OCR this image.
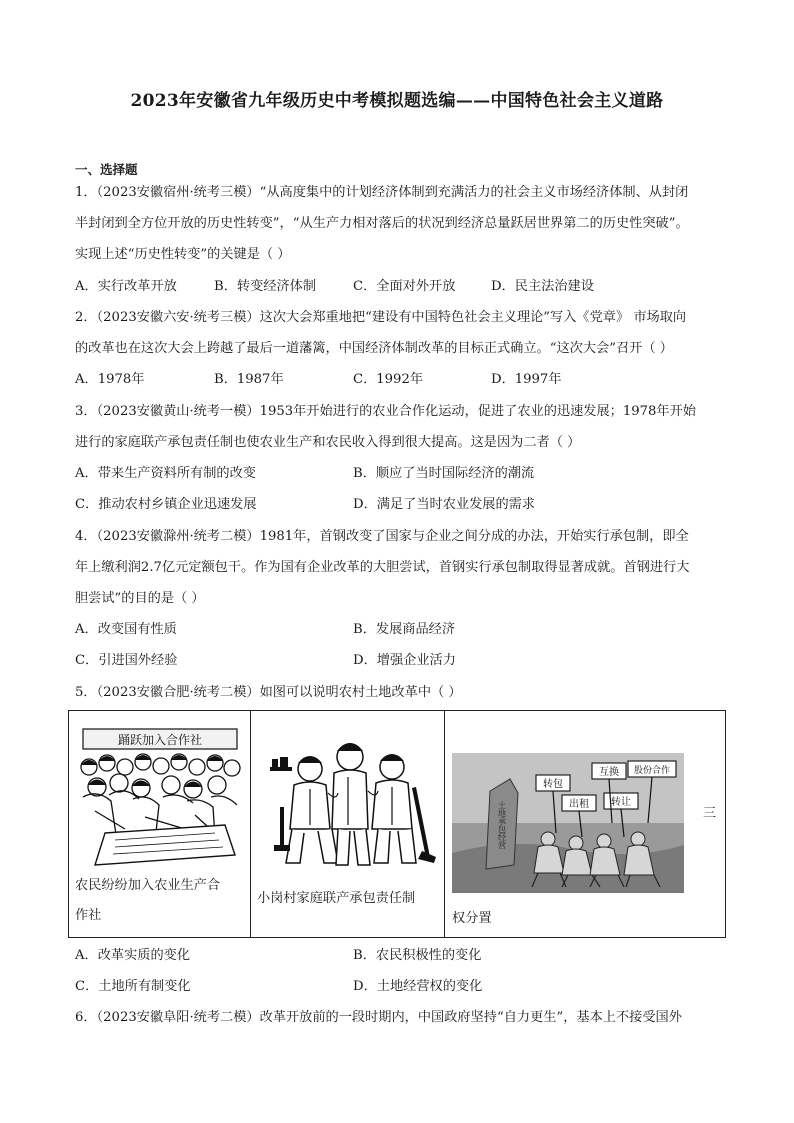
2023年安徽省九年级历史中考模拟题选编——中国特色社会主义道路
一、选择题
1．（2023安徽宿州·统考三模）“从高度集中的计划经济体制到充满活力的社会主义市场经济体制、从封闭
半封闭到全方位开放的历史性转变”，“从生产力相对落后的状况到经济总量跃居世界第二的历史性突破”。
实现上述“历史性转变”的关键是（ ）
A．实行改革开放	B．转变经济体制	C．全面对外开放	D．民主法治建设
2．（2023安徽六安·统考三模）这次大会郑重地把“建设有中国特色社会主义理论”写入《党章》 市场取向
的改革也在这次大会上跨越了最后一道藩篱，中国经济体制改革的目标正式确立。“这次大会”召开（ ）
A．1978年	B．1987年	C．1992年	D．1997年
3．（2023安徽黄山·统考一模）1953年开始进行的农业合作化运动，促进了农业的迅速发展；1978年开始
进行的家庭联产承包责任制也使农业生产和农民收入得到很大提高。这是因为二者（ ）
A．带来生产资料所有制的改变	B．顺应了当时国际经济的潮流
C．推动农村乡镇企业迅速发展	D．满足了当时农业发展的需求
4．（2023安徽滁州·统考二模）1981年，首钢改变了国家与企业之间分成的办法，开始实行承包制，即全
年上缴利润2.7亿元定额包干。作为国有企业改革的大胆尝试，首钢实行承包制取得显著成就。首钢进行大
胆尝试”的目的是（ ）
A．改变国有性质	B．发展商品经济
C．引进国外经验	D．增强企业活力
5．（2023安徽合肥·统考二模）如图可以说明农村土地改革中（ ）
踊跃加入合作社
农民纷纷加入农业生产合
作社
小岗村家庭联产承包责任制
土地承包经营
转包
互换 股份合作
出租 转让
三
权分置
A．改革实质的变化	B．农民积极性的变化
C．土地所有制变化	D．土地经营权的变化
6．（2023安徽阜阳·统考二模）改革开放前的一段时期内，中国政府坚持“自力更生”，基本上不接受国外
